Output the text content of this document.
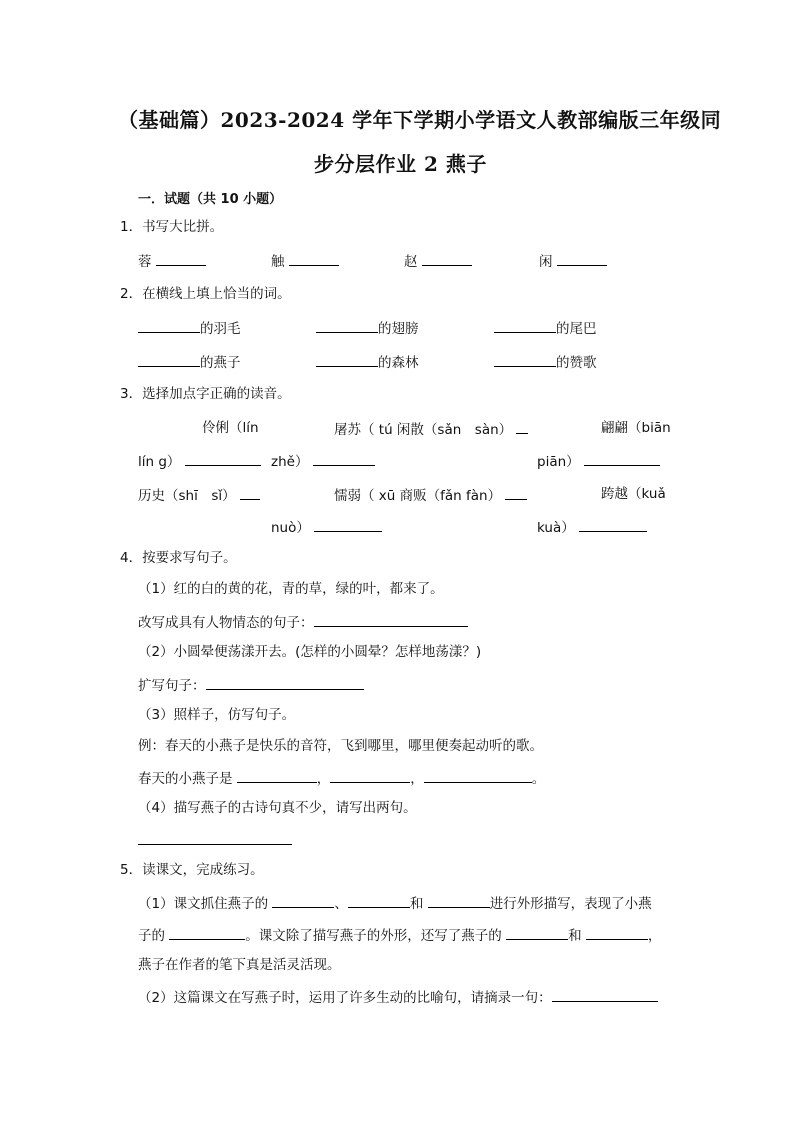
（基础篇）2023-2024 学年下学期小学语文人教部编版三年级同
步分层作业 2 燕子
一．试题（共 10 小题）
1．书写大比拼。
蓉	触	赵	闲
2．在横线上填上恰当的词。
的羽毛	的翅膀	的尾巴
的燕子	的森林	的赞歌
3．选择加点字正确的读音。
伶俐（lín
lín g）
屠苏（ tú 闲散（sǎn　sàn）
zhě）
翩翩（biān
piān）
历史（shī　sǐ）	懦弱（ xū 商贩（fǎn fàn）
nuò）
跨越（kuǎ
kuà）
4．按要求写句子。
（1）红的白的黄的花，青的草，绿的叶，都来了。
改写成具有人物情态的句子：
（2）小圆晕便荡漾开去。(怎样的小圆晕？怎样地荡漾？)
扩写句子：
（3）照样子，仿写句子。
例：春天的小燕子是快乐的音符，飞到哪里，哪里便奏起动听的歌。
春天的小燕子是	，	，	。
（4）描写燕子的古诗句真不少，请写出两句。
5．读课文，完成练习。
（1）课文抓住燕子的	、	和	进行外形描写，表现了小燕
子的	。课文除了描写燕子的外形，还写了燕子的	和	，
燕子在作者的笔下真是活灵活现。
（2）这篇课文在写燕子时，运用了许多生动的比喻句，请摘录一句：
